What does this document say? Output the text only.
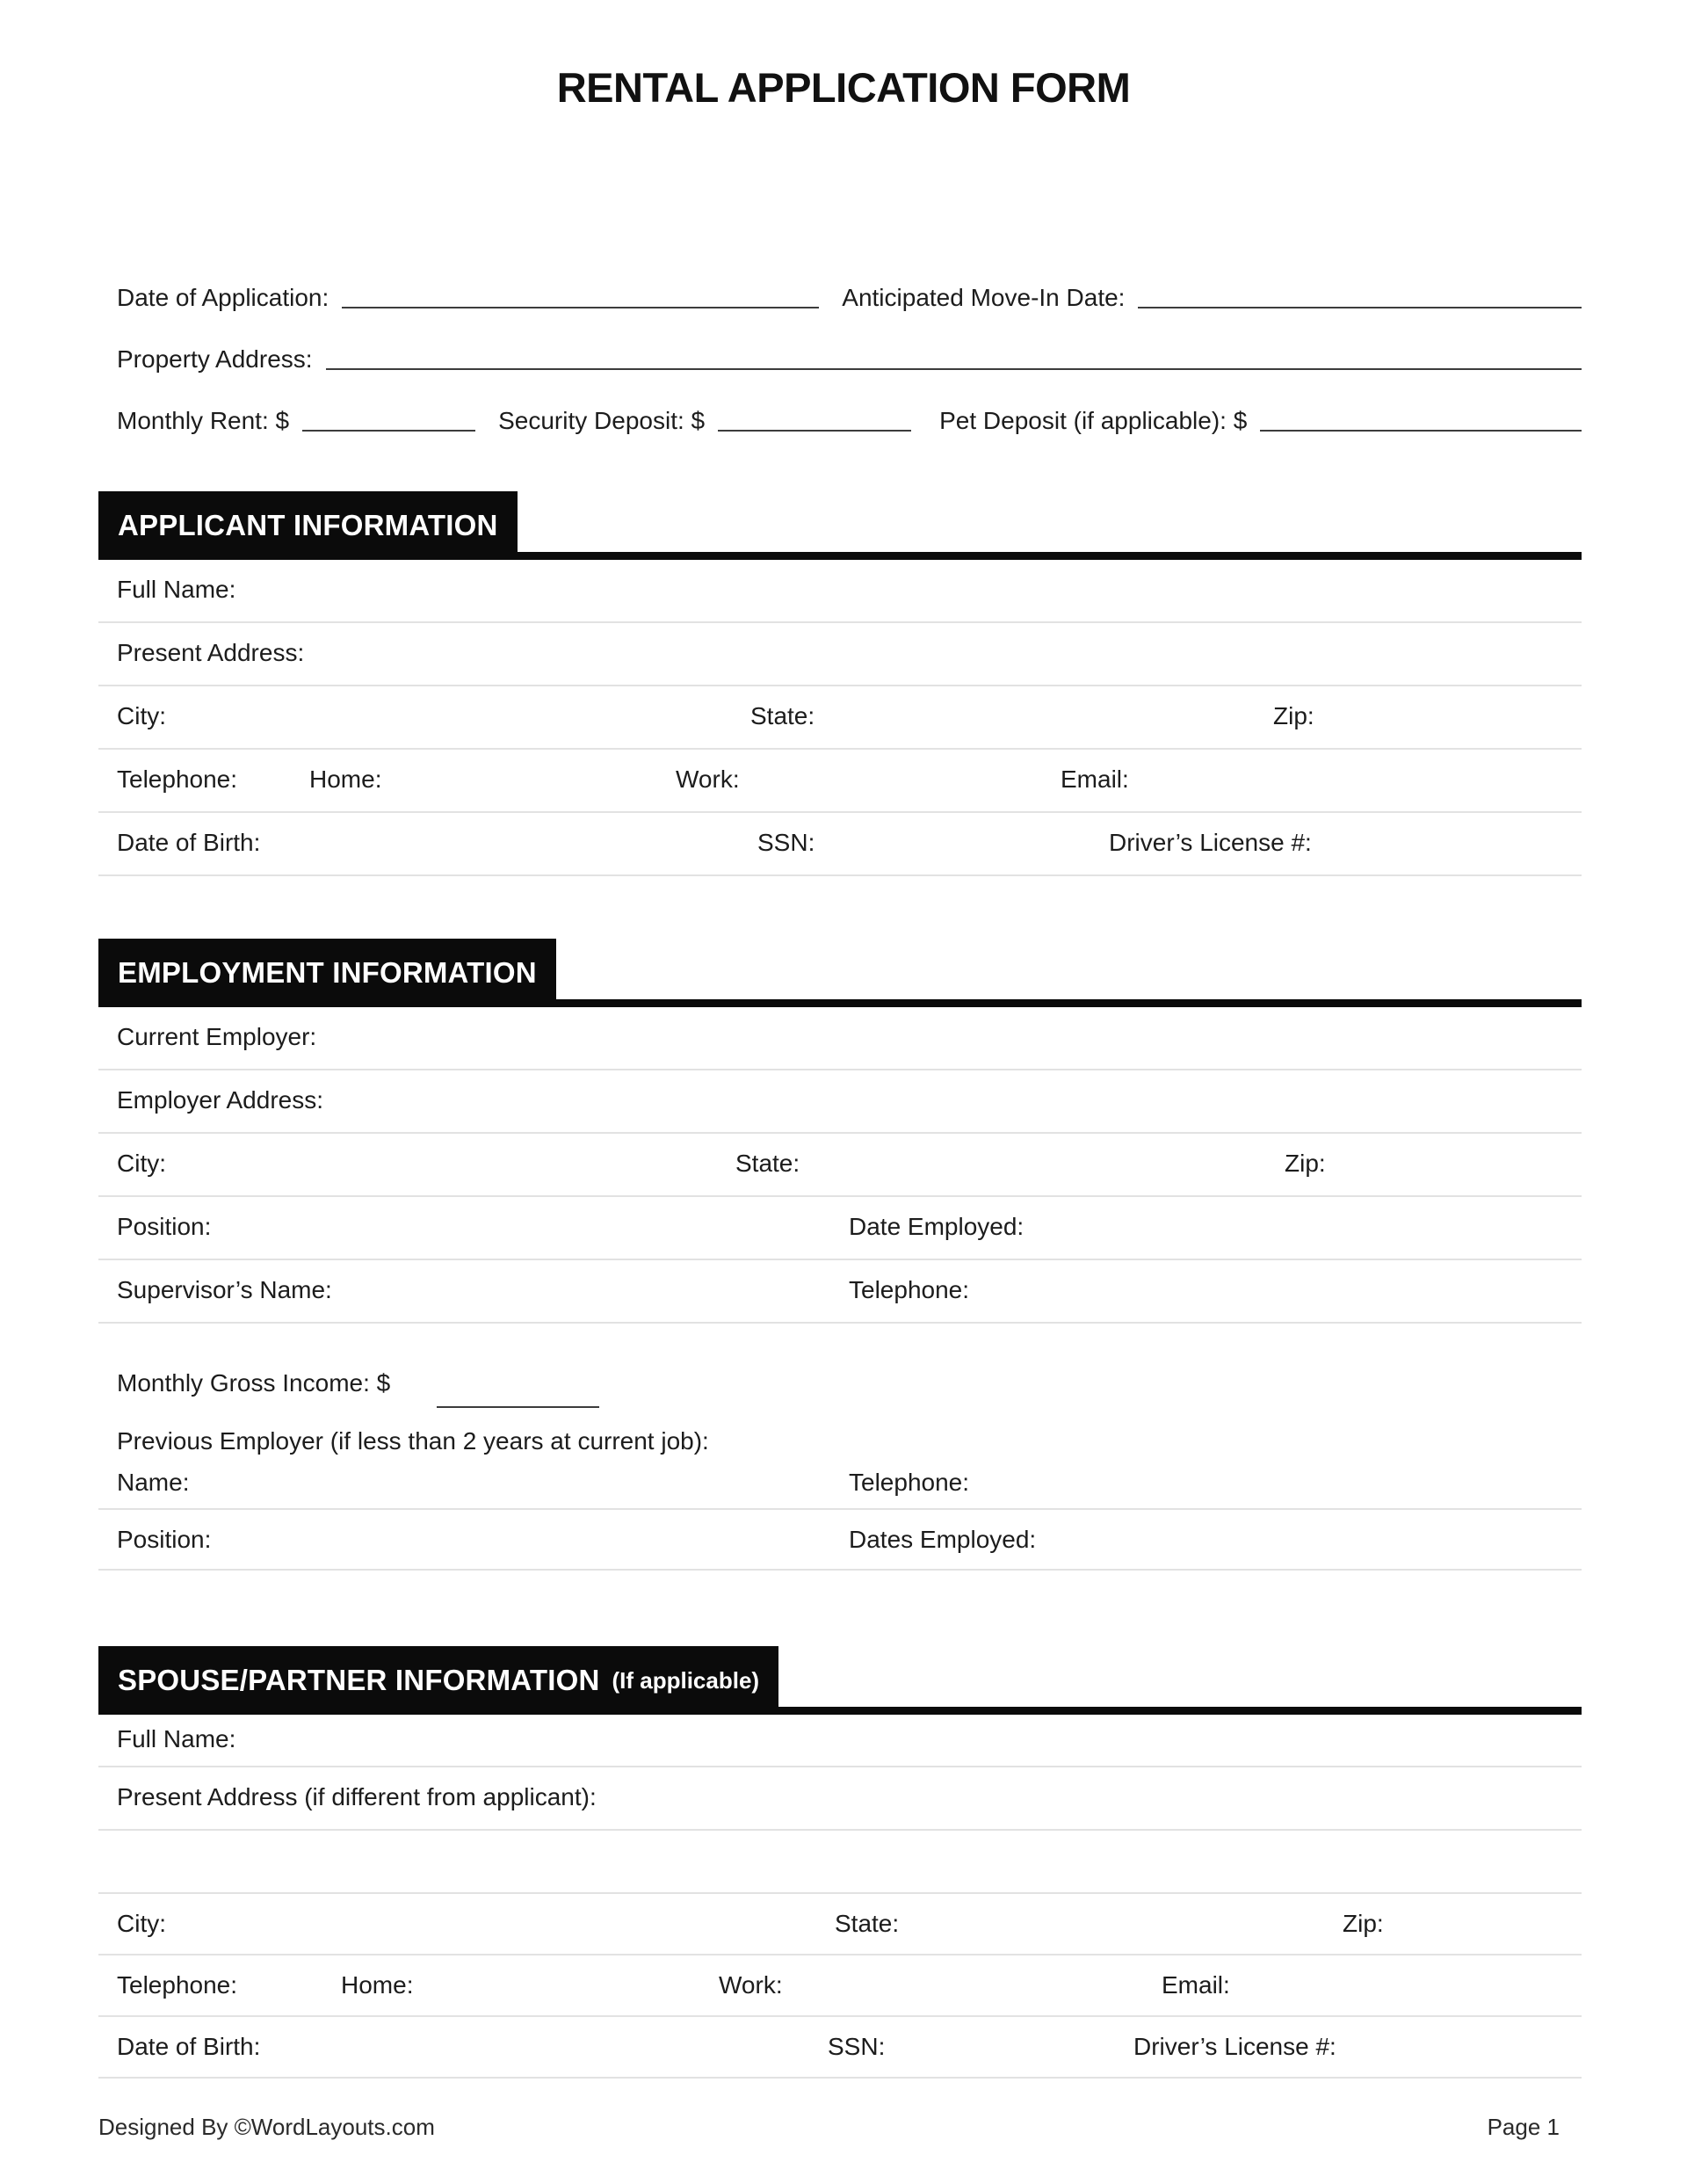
RENTAL APPLICATION FORM
Date of Application:	Anticipated Move-In Date:
Property Address:
Monthly Rent: $	Security Deposit: $	Pet Deposit (if applicable): $
APPLICANT INFORMATION
Full Name:
Present Address:
City:	State:	Zip:
Telephone:	Home:	Work:	Email:
Date of Birth:	SSN:	Driver’s License #:
EMPLOYMENT INFORMATION
Current Employer:
Employer Address:
City:	State:	Zip:
Position:	Date Employed:
Supervisor’s Name:	Telephone:
Monthly Gross Income: $
Previous Employer (if less than 2 years at current job):
Name:	Telephone:
Position:	Dates Employed:
SPOUSE/PARTNER INFORMATION (If applicable)
Full Name:
Present Address (if different from applicant):
City:	State:	Zip:
Telephone:	Home:	Work:	Email:
Date of Birth:	SSN:	Driver’s License #:
Designed By ©WordLayouts.com	Page 1
